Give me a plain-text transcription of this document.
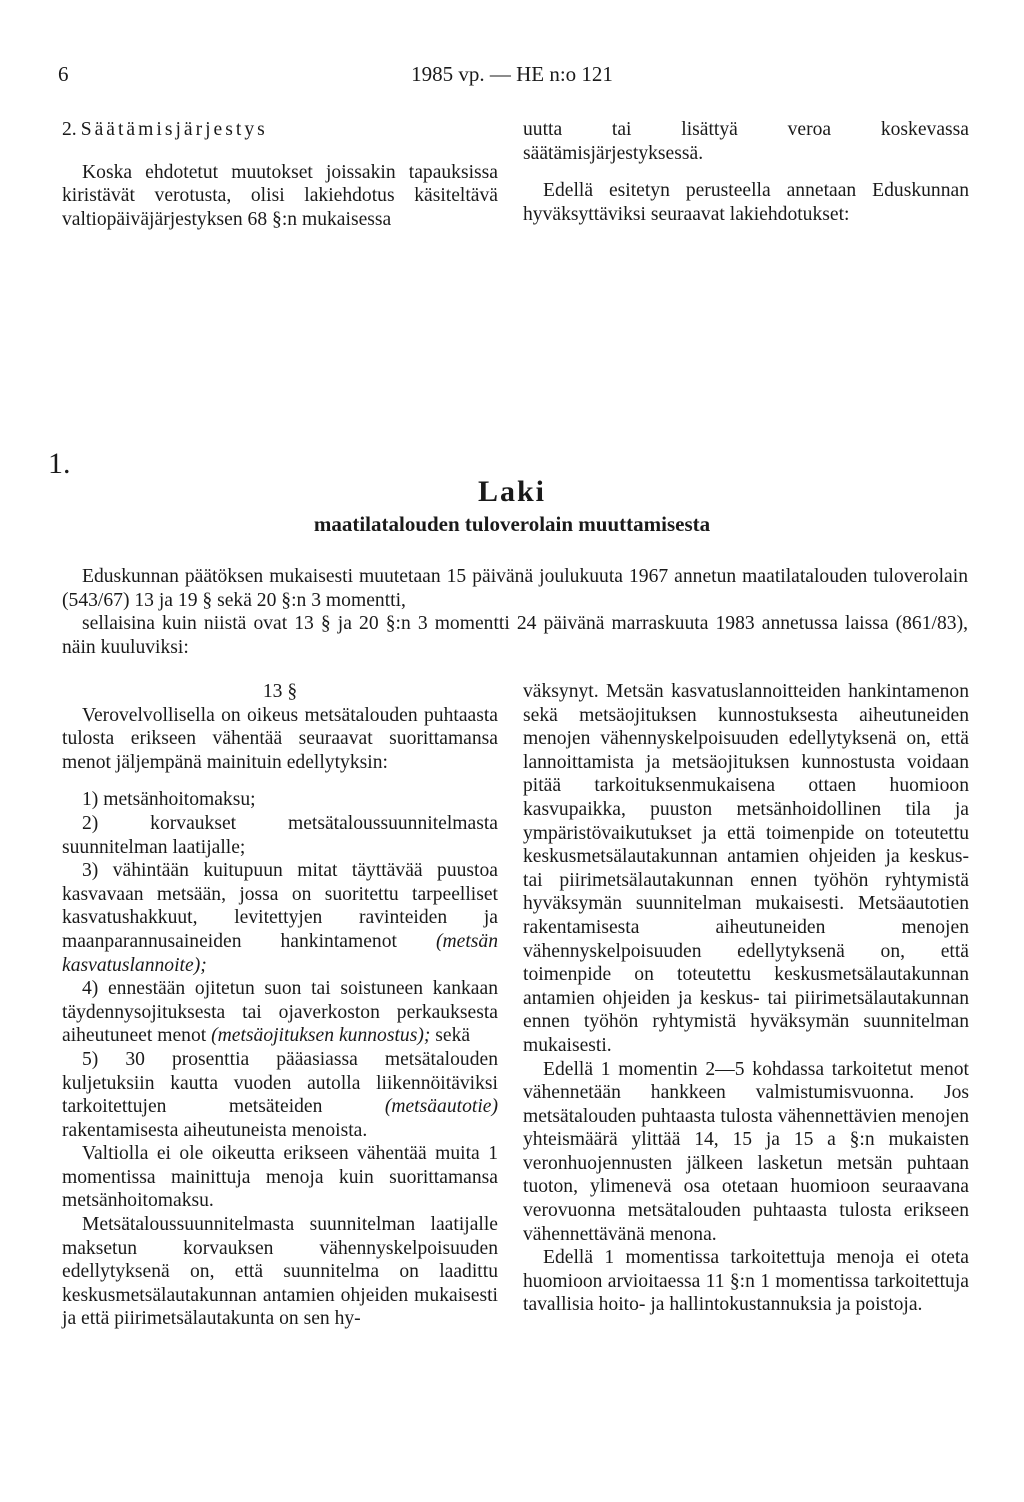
6	1985 vp. — HE n:o 121
2. Säätämisjärjestys

Koska ehdotetut muutokset joissakin tapauksissa kiristävät verotusta, olisi lakiehdotus käsiteltävä valtiopäiväjärjestyksen 68 §:n mukaisessa

uutta tai lisättyä veroa koskevassa säätämisjärjestyksessä.

Edellä esitetyn perusteella annetaan Eduskunnan hyväksyttäviksi seuraavat lakiehdotukset:

1.
Laki
maatilatalouden tuloverolain muuttamisesta

Eduskunnan päätöksen mukaisesti muutetaan 15 päivänä joulukuuta 1967 annetun maatilatalouden tuloverolain (543/67) 13 ja 19 § sekä 20 §:n 3 momentti,

sellaisina kuin niistä ovat 13 § ja 20 §:n 3 momentti 24 päivänä marraskuuta 1983 annetussa laissa (861/83), näin kuuluviksi:

13 §

Verovelvollisella on oikeus metsätalouden puhtaasta tulosta erikseen vähentää seuraavat suorittamansa menot jäljempänä mainituin edellytyksin:

1) metsänhoitomaksu;

2) korvaukset metsätaloussuunnitelmasta suunnitelman laatijalle;

3) vähintään kuitupuun mitat täyttävää puustoa kasvavaan metsään, jossa on suoritettu tarpeelliset kasvatushakkuut, levitettyjen ravinteiden ja maanparannusaineiden hankintamenot (metsän kasvatuslannoite);

4) ennestään ojitetun suon tai soistuneen kankaan täydennysojituksesta tai ojaverkoston perkauksesta aiheutuneet menot (metsäojituksen kunnostus); sekä

5) 30 prosenttia pääasiassa metsätalouden kuljetuksiin kautta vuoden autolla liikennöitäviksi tarkoitettujen metsäteiden (metsäautotie) rakentamisesta aiheutuneista menoista.

Valtiolla ei ole oikeutta erikseen vähentää muita 1 momentissa mainittuja menoja kuin suorittamansa metsänhoitomaksu.

Metsätaloussuunnitelmasta suunnitelman laatijalle maksetun korvauksen vähennyskelpoisuuden edellytyksenä on, että suunnitelma on laadittu keskusmetsälautakunnan antamien ohjeiden mukaisesti ja että piirimetsälautakunta on sen hy-

väksynyt. Metsän kasvatuslannoitteiden hankintamenon sekä metsäojituksen kunnostuksesta aiheutuneiden menojen vähennyskelpoisuuden edellytyksenä on, että lannoittamista ja metsäojituksen kunnostusta voidaan pitää tarkoituksenmukaisena ottaen huomioon kasvupaikka, puuston metsänhoidollinen tila ja ympäristövaikutukset ja että toimenpide on toteutettu keskusmetsälautakunnan antamien ohjeiden ja keskus- tai piirimetsälautakunnan ennen työhön ryhtymistä hyväksymän suunnitelman mukaisesti. Metsäautotien rakentamisesta aiheutuneiden menojen vähennyskelpoisuuden edellytyksenä on, että toimenpide on toteutettu keskusmetsälautakunnan antamien ohjeiden ja keskus- tai piirimetsälautakunnan ennen työhön ryhtymistä hyväksymän suunnitelman mukaisesti.

Edellä 1 momentin 2—5 kohdassa tarkoitetut menot vähennetään hankkeen valmistumisvuonna. Jos metsätalouden puhtaasta tulosta vähennettävien menojen yhteismäärä ylittää 14, 15 ja 15 a §:n mukaisten veronhuojennusten jälkeen lasketun metsän puhtaan tuoton, ylimenevä osa otetaan huomioon seuraavana verovuonna metsätalouden puhtaasta tulosta erikseen vähennettävänä menona.

Edellä 1 momentissa tarkoitettuja menoja ei oteta huomioon arvioitaessa 11 §:n 1 momentissa tarkoitettuja tavallisia hoito- ja hallintokustannuksia ja poistoja.
